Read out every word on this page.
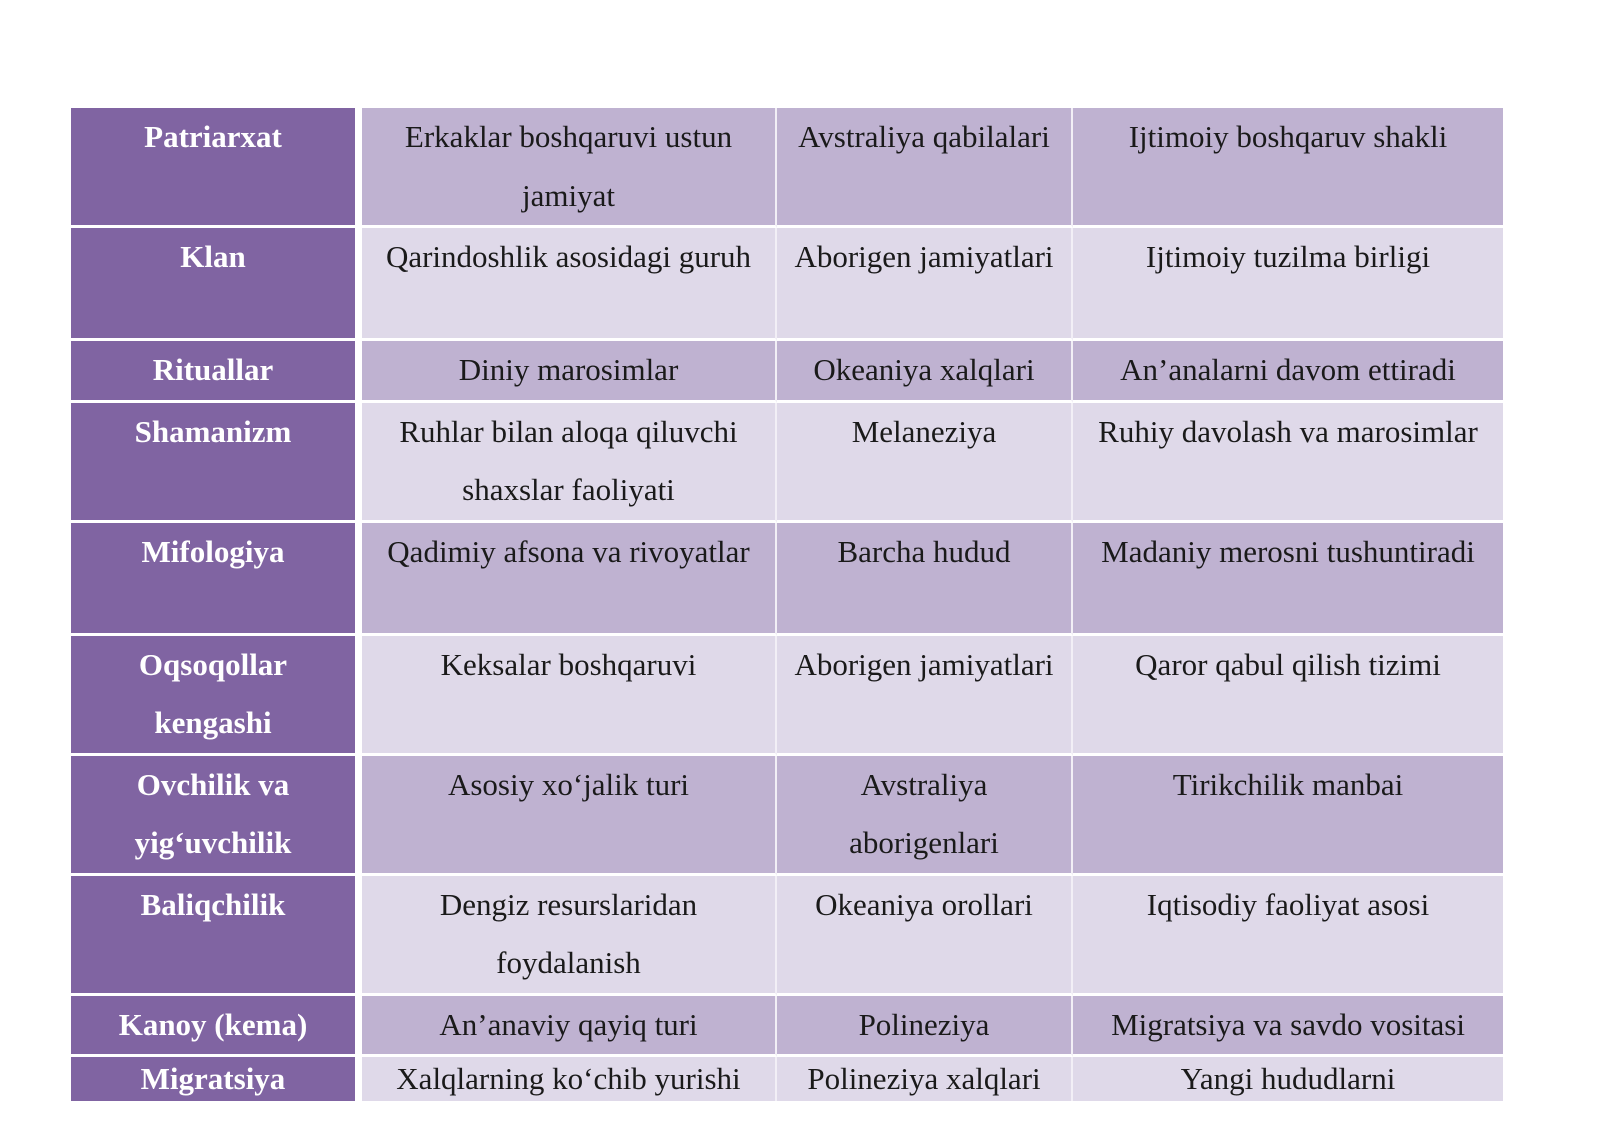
Patriarxat	Erkaklar boshqaruvi ustun jamiyat	Avstraliya qabilalari	Ijtimoiy boshqaruv shakli
Klan	Qarindoshlik asosidagi guruh	Aborigen jamiyatlari	Ijtimoiy tuzilma birligi
Rituallar	Diniy marosimlar	Okeaniya xalqlari	An’analarni davom ettiradi
Shamanizm	Ruhlar bilan aloqa qiluvchi shaxslar faoliyati	Melaneziya	Ruhiy davolash va marosimlar
Mifologiya	Qadimiy afsona va rivoyatlar	Barcha hudud	Madaniy merosni tushuntiradi
Oqsoqollar kengashi	Keksalar boshqaruvi	Aborigen jamiyatlari	Qaror qabul qilish tizimi
Ovchilik va yig‘uvchilik	Asosiy xo‘jalik turi	Avstraliya aborigenlari	Tirikchilik manbai
Baliqchilik	Dengiz resurslaridan foydalanish	Okeaniya orollari	Iqtisodiy faoliyat asosi
Kanoy (kema)	An’anaviy qayiq turi	Polineziya	Migratsiya va savdo vositasi
Migratsiya	Xalqlarning ko‘chib yurishi	Polineziya xalqlari	Yangi hududlarni
